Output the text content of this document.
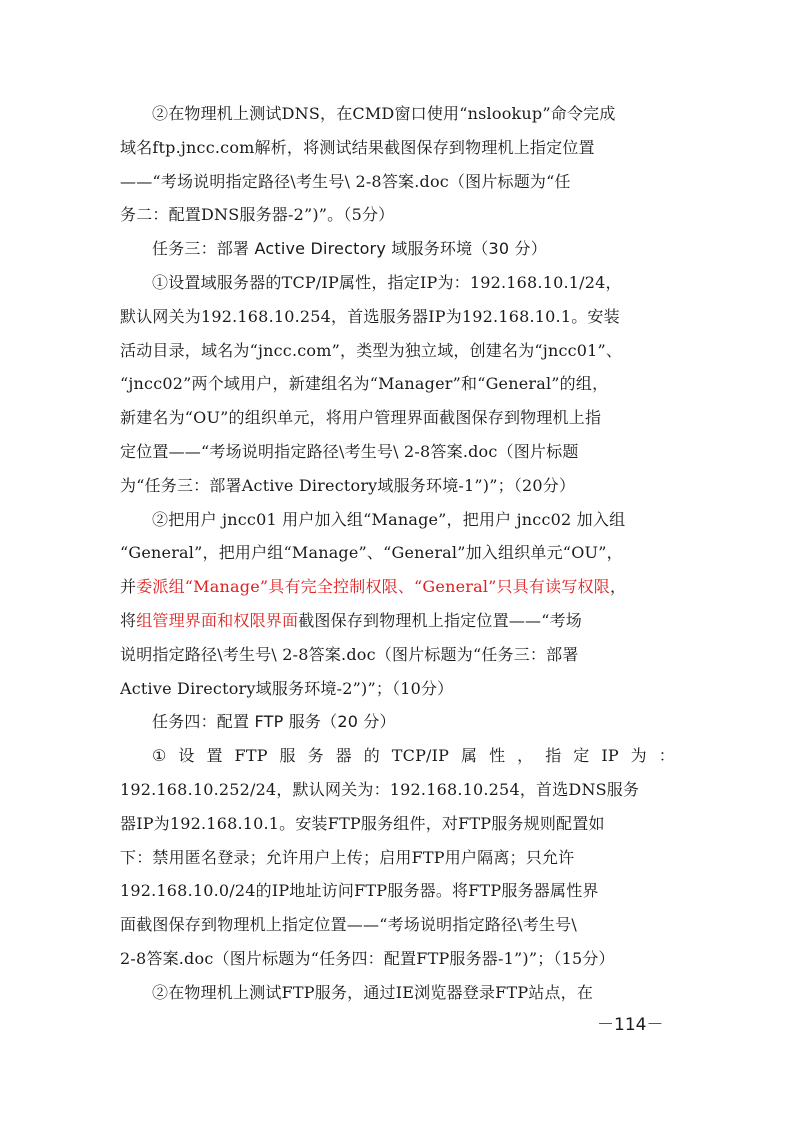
②在物理机上测试DNS，在CMD窗口使用“nslookup”命令完成
域名ftp.jncc.com解析，将测试结果截图保存到物理机上指定位置
——“考场说明指定路径\考生号\ 2-8答案.doc（图片标题为“任
务二：配置DNS服务器-2”)”。（5分）
任务三：部署 Active Directory 域服务环境（30 分）
①设置域服务器的TCP/IP属性，指定IP为：192.168.10.1/24，
默认网关为192.168.10.254，首选服务器IP为192.168.10.1。安装
活动目录，域名为“jncc.com”，类型为独立域，创建名为“jncc01”、
“jncc02”两个域用户，新建组名为“Manager”和“General”的组，
新建名为“OU”的组织单元，将用户管理界面截图保存到物理机上指
定位置——“考场说明指定路径\考生号\ 2-8答案.doc（图片标题
为“任务三：部署Active Directory域服务环境-1”)”；（20分）
②把用户 jncc01 用户加入组“Manage”，把用户 jncc02 加入组
“General”，把用户组“Manage”、“General”加入组织单元“OU”，
并委派组“Manage”具有完全控制权限、“General”只具有读写权限，
将组管理界面和权限界面截图保存到物理机上指定位置——“考场
说明指定路径\考生号\ 2-8答案.doc（图片标题为“任务三：部署
Active Directory域服务环境-2”)”；（10分）
任务四：配置 FTP 服务（20 分）
① 设 置 FTP 服 务 器 的 TCP/IP 属 性 ， 指 定 IP 为 ：
192.168.10.252/24，默认网关为：192.168.10.254，首选DNS服务
器IP为192.168.10.1。安装FTP服务组件，对FTP服务规则配置如
下：禁用匿名登录；允许用户上传；启用FTP用户隔离；只允许
192.168.10.0/24的IP地址访问FTP服务器。将FTP服务器属性界
面截图保存到物理机上指定位置——“考场说明指定路径\考生号\
2-8答案.doc（图片标题为“任务四：配置FTP服务器-1”)”；（15分）
②在物理机上测试FTP服务，通过IE浏览器登录FTP站点，在
－114－
